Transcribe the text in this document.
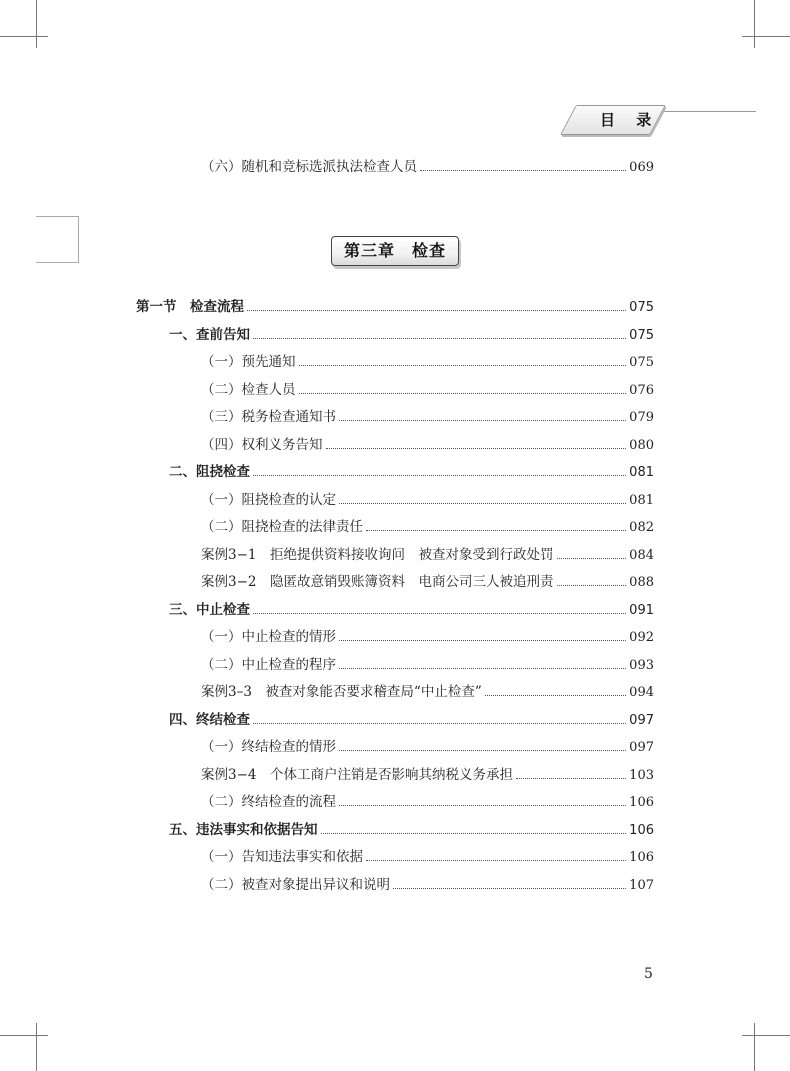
目 录
（六）随机和竞标选派执法检查人员	069
第三章　检查
第一节　检查流程	075
一、查前告知	075
（一）预先通知	075
（二）检查人员	076
（三）税务检查通知书	079
（四）权利义务告知	080
二、阻挠检查	081
（一）阻挠检查的认定	081
（二）阻挠检查的法律责任	082
案例3−1　拒绝提供资料接收询问　被查对象受到行政处罚	084
案例3−2　隐匿故意销毁账簿资料　电商公司三人被追刑责	088
三、中止检查	091
（一）中止检查的情形	092
（二）中止检查的程序	093
案例3–3　被查对象能否要求稽查局“中止检查”	094
四、终结检查	097
（一）终结检查的情形	097
案例3−4　个体工商户注销是否影响其纳税义务承担	103
（二）终结检查的流程	106
五、违法事实和依据告知	106
（一）告知违法事实和依据	106
（二）被查对象提出异议和说明	107
5
